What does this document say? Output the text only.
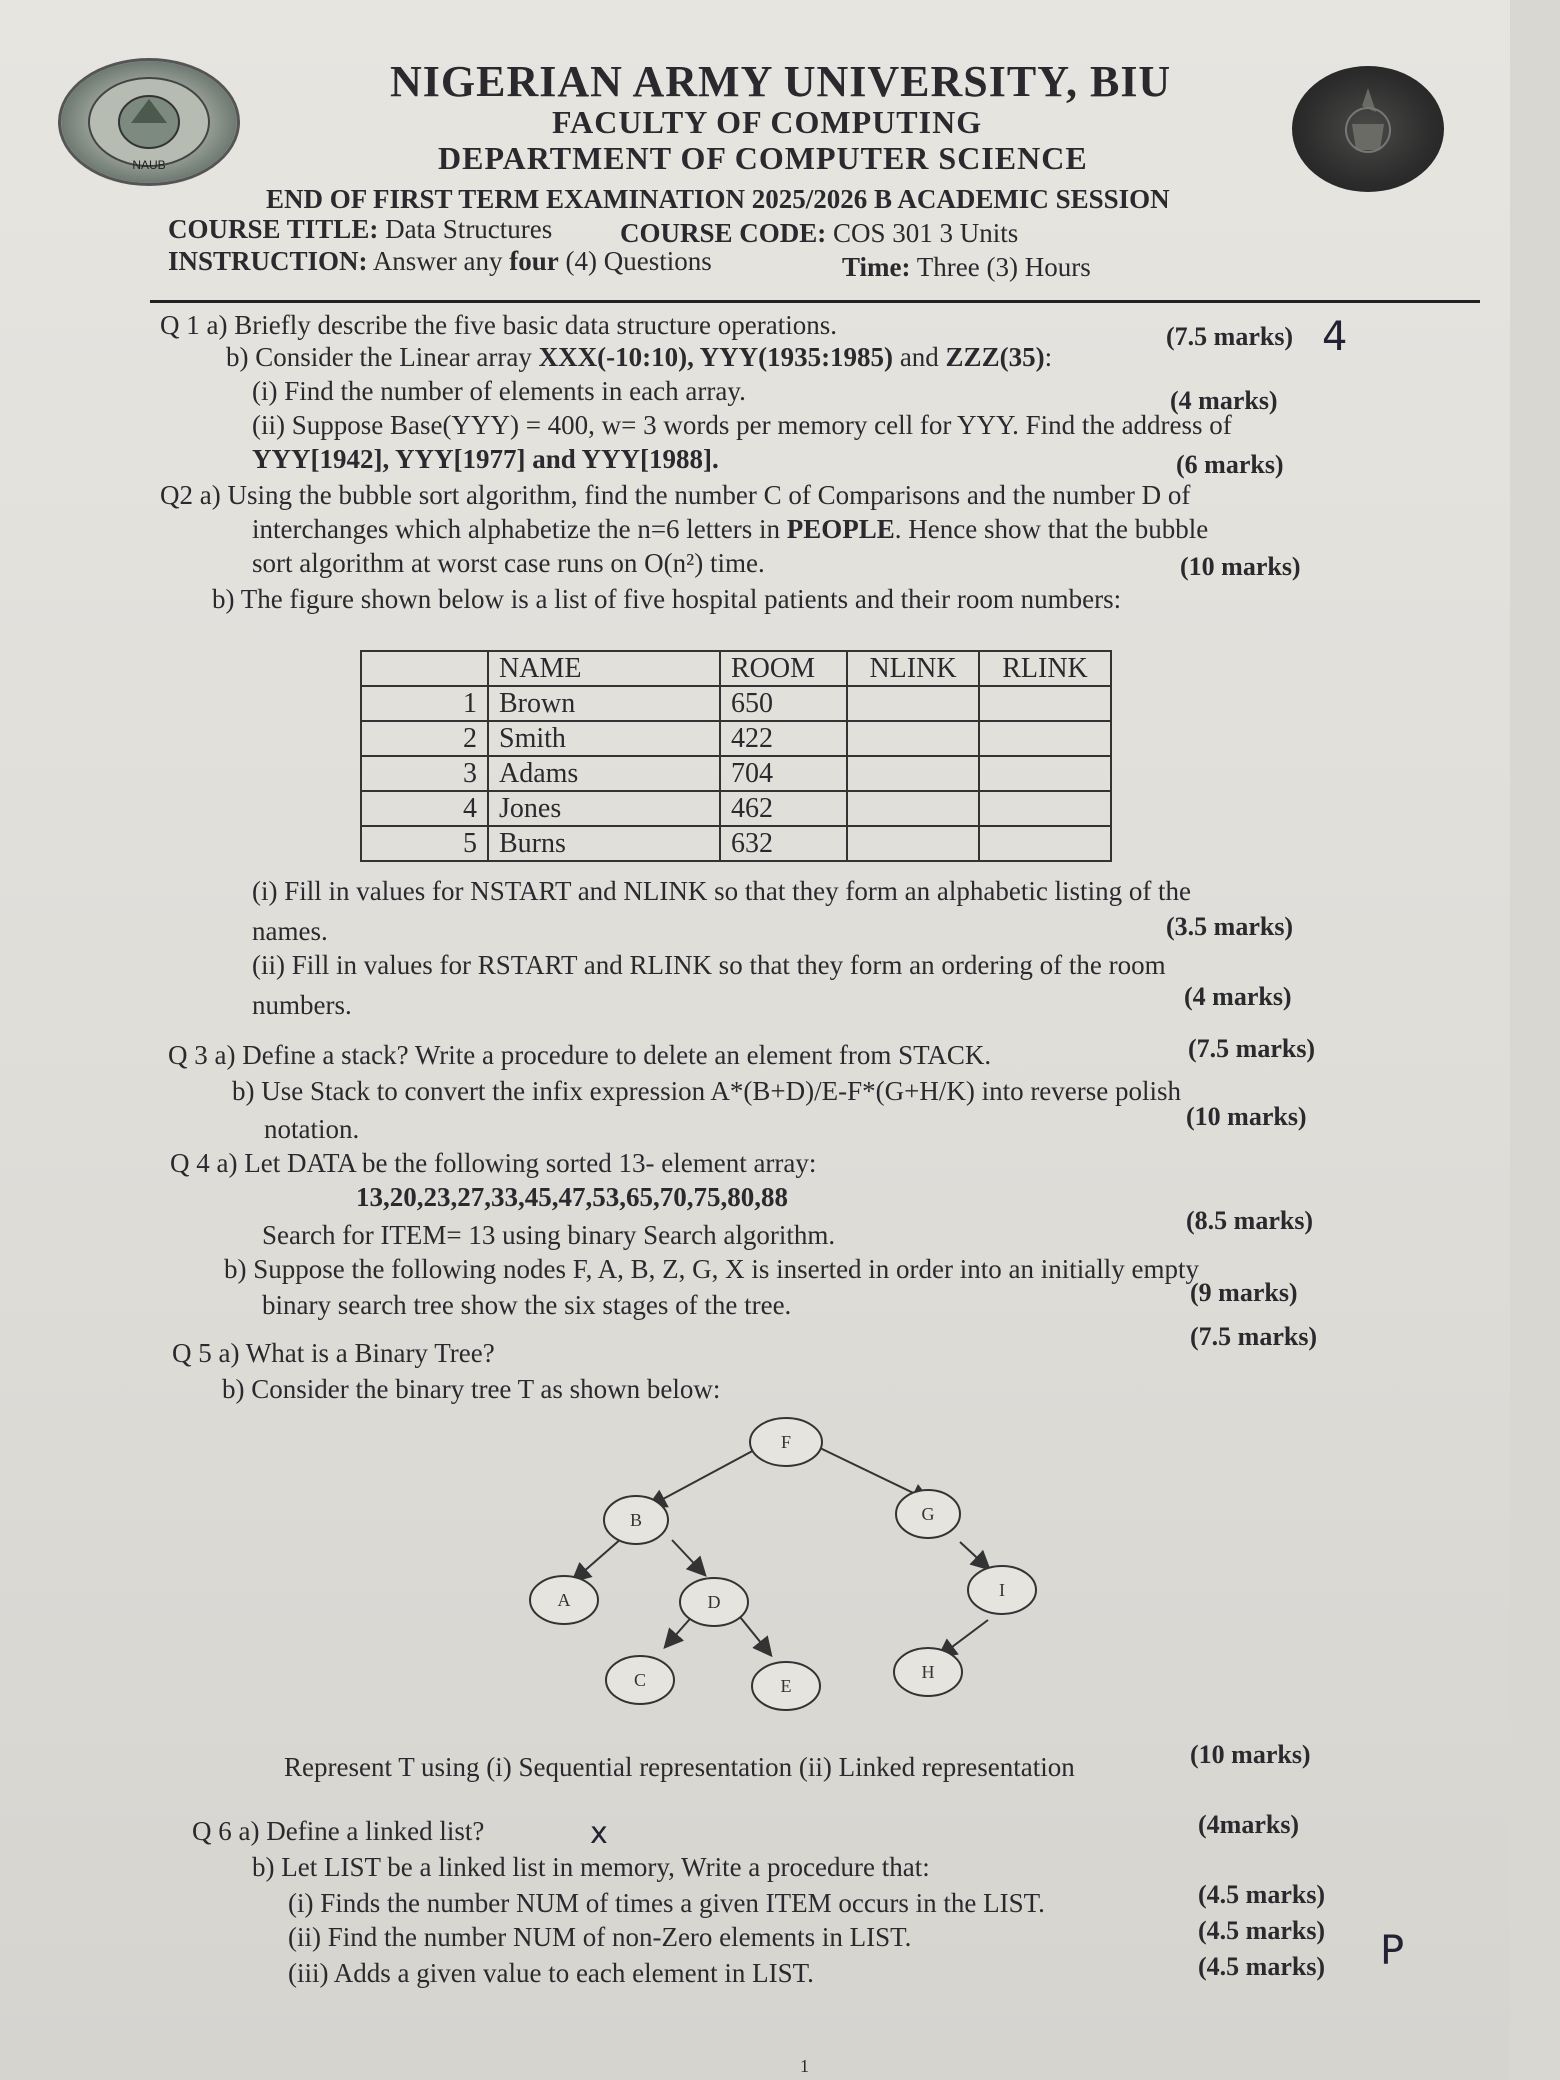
NAUB
NIGERIAN ARMY UNIVERSITY, BIU
FACULTY OF COMPUTING
DEPARTMENT OF COMPUTER SCIENCE
END OF FIRST TERM EXAMINATION 2025/2026 B ACADEMIC SESSION
COURSE TITLE: Data Structures	COURSE CODE: COS 301 3 Units
INSTRUCTION: Answer any four (4) Questions	Time: Three (3) Hours
Q 1 a) Briefly describe the five basic data structure operations.	(7.5 marks) 4
b) Consider the Linear array XXX(-10:10), YYY(1935:1985) and ZZZ(35):
(i) Find the number of elements in each array.	(4 marks)
(ii) Suppose Base(YYY) = 400, w= 3 words per memory cell for YYY. Find the address of
YYY[1942], YYY[1977] and YYY[1988].	(6 marks)
Q2 a) Using the bubble sort algorithm, find the number C of Comparisons and the number D of
interchanges which alphabetize the n=6 letters in PEOPLE. Hence show that the bubble
sort algorithm at worst case runs on O(n²) time.	(10 marks)
b) The figure shown below is a list of five hospital patients and their room numbers:
	NAME	ROOM	NLINK	RLINK
1	Brown	650		
2	Smith	422		
3	Adams	704		
4	Jones	462		
5	Burns	632		
(i) Fill in values for NSTART and NLINK so that they form an alphabetic listing of the
names.	(3.5 marks)
(ii) Fill in values for RSTART and RLINK so that they form an ordering of the room
numbers.	(4 marks)
Q 3 a) Define a stack? Write a procedure to delete an element from STACK.	(7.5 marks)
b) Use Stack to convert the infix expression A*(B+D)/E-F*(G+H/K) into reverse polish
notation.	(10 marks)
Q 4 a) Let DATA be the following sorted 13- element array:
13,20,23,27,33,45,47,53,65,70,75,80,88
Search for ITEM= 13 using binary Search algorithm.	(8.5 marks)
b) Suppose the following nodes F, A, B, Z, G, X is inserted in order into an initially empty
binary search tree show the six stages of the tree.	(9 marks)
Q 5 a) What is a Binary Tree?
(7.5 marks)
b) Consider the binary tree T as shown below:
F
B	G
A	D
I
C	E
H
Represent T using (i) Sequential representation (ii) Linked representation	(10 marks)
Q 6 a) Define a linked list?	x	(4marks)
b) Let LIST be a linked list in memory, Write a procedure that:
(i) Finds the number NUM of times a given ITEM occurs in the LIST.	(4.5 marks)
(ii) Find the number NUM of non-Zero elements in LIST.	(4.5 marks)
(iii) Adds a given value to each element in LIST.	(4.5 marks) P
1
